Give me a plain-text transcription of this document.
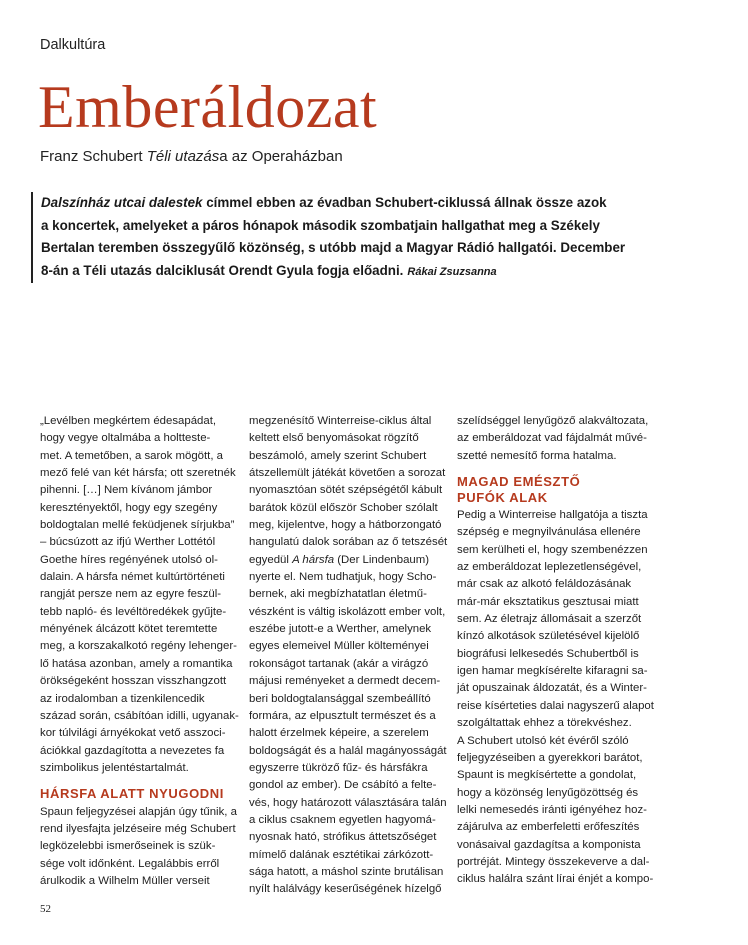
Dalkultúra
Emberáldozat
Franz Schubert Téli utazása az Operaházban
Dalszínház utcai dalestek címmel ebben az évadban Schubert-ciklussá állnak össze azok
a koncertek, amelyeket a páros hónapok második szombatjain hallgathat meg a Székely
Bertalan teremben összegyűlő közönség, s utóbb majd a Magyar Rádió hallgatói. December
8-án a Téli utazás dalciklusát Orendt Gyula fogja előadni. Rákai Zsuzsanna

„Levélben megkértem édesapádat,

hogy vegye oltalmába a holtteste-

met. A temetőben, a sarok mögött, a

mező felé van két hársfa; ott szeretnék

pihenni. […] Nem kívánom jámbor

keresztényektől, hogy egy szegény

boldogtalan mellé feküdjenek sírjukba”

– búcsúzott az ifjú Werther Lottétól

Goethe híres regényének utolsó ol-

dalain. A hársfa német kultúrtörténeti

rangját persze nem az egyre feszül-

tebb napló- és levéltöredékek gyűjte-

ményének álcázott kötet teremtette

meg, a korszakalkotó regény lehenger-

lő hatása azonban, amely a romantika

örökségeként hosszan visszhangzott

az irodalomban a tizenkilencedik

század során, csábítóan idilli, ugyanak-

kor túlvilági árnyékokat vető asszoci-

ációkkal gazdagította a nevezetes fa

szimbolikus jelentéstartalmát.

HÁRSFA ALATT NYUGODNI

Spaun feljegyzései alapján úgy tűnik, a

rend ilyesfajta jelzéseire még Schubert

legközelebbi ismerőseinek is szük-

sége volt időnként. Legalábbis erről

árulkodik a Wilhelm Müller verseit

megzenésítő Winterreise-ciklus által

keltett első benyomásokat rögzítő

beszámoló, amely szerint Schubert

átszellemült játékát követően a sorozat

nyomasztóan sötét szépségétől kábult

barátok közül először Schober szólalt

meg, kijelentve, hogy a hátborzongató

hangulatú dalok sorában az ő tetszését

egyedül A hársfa (Der Lindenbaum)

nyerte el. Nem tudhatjuk, hogy Scho-

bernek, aki megbízhatatlan életmű-

vészként is váltig iskolázott ember volt,

eszébe jutott-e a Werther, amelynek

egyes elemeivel Müller költeményei

rokonságot tartanak (akár a virágzó

májusi reményeket a dermedt decem-

beri boldogtalansággal szembeállító

formára, az elpusztult természet és a

halott érzelmek képeire, a szerelem

boldogságát és a halál magányosságát

egyszerre tükröző fűz- és hársfákra

gondol az ember). De csábító a felte-

vés, hogy határozott választására talán

a ciklus csaknem egyetlen hagyomá-

nyosnak ható, strófikus áttetszőséget

mímelő dalának esztétikai zárkózott-

sága hatott, a máshol szinte brutálisan

nyílt halálvágy keserűségének hízelgő

szelídséggel lenyűgöző alakváltozata,

az emberáldozat vad fájdalmát művé-

szetté nemesítő forma hatalma.

MAGAD EMÉSZTŐ
PUFÓK ALAK

Pedig a Winterreise hallgatója a tiszta

szépség e megnyilvánulása ellenére

sem kerülheti el, hogy szembenézzen

az emberáldozat leplezetlenségével,

már csak az alkotó feláldozásának

már-már eksztatikus gesztusai miatt

sem. Az életrajz állomásait a szerzőt

kínzó alkotások születésével kijelölő

biográfusi lelkesedés Schubertből is

igen hamar megkísérelte kifaragni sa-

ját opuszainak áldozatát, és a Winter-

reise kísérteties dalai nagyszerű alapot

szolgáltattak ehhez a törekvéshez.

A Schubert utolsó két évéről szóló

feljegyzéseiben a gyerekkori barátot,

Spaunt is megkísértette a gondolat,

hogy a közönség lenyűgözöttség és

lelki nemesedés iránti igényéhez hoz-

zájárulva az emberfeletti erőfeszítés

vonásaival gazdagítsa a komponista

portréját. Mintegy összekeverve a dal-

ciklus halálra szánt lírai énjét a kompo-

52
